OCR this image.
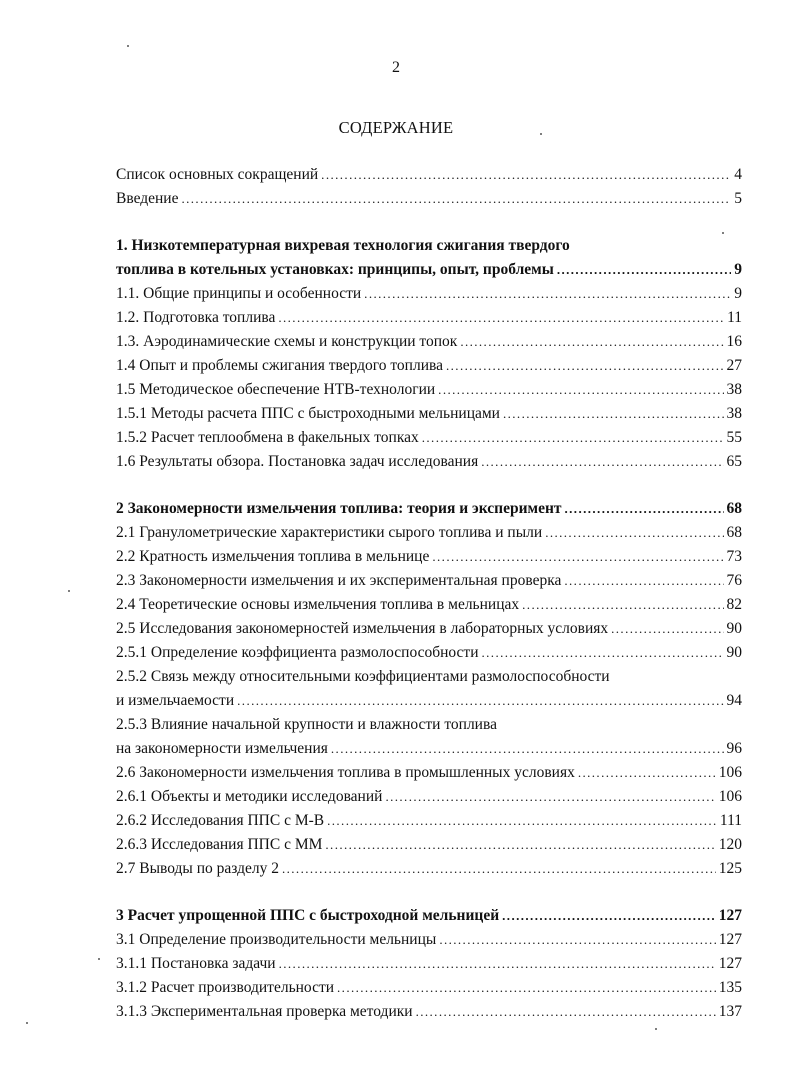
2
СОДЕРЖАНИЕ
Список основных сокращений .....	4
Введение .....	5
1. Низкотемпературная вихревая технология сжигания твердого
топлива в котельных установках: принципы, опыт, проблемы .....	9
1.1. Общие принципы и особенности .....	9
1.2. Подготовка топлива .....	11
1.3. Аэродинамические схемы и конструкции топок .....	16
1.4 Опыт и проблемы сжигания твердого топлива .....	27
1.5 Методическое обеспечение НТВ-технологии .....	38
1.5.1 Методы расчета ППС с быстроходными мельницами .....	38
1.5.2 Расчет теплообмена в факельных топках .....	55
1.6 Результаты обзора. Постановка задач исследования .....	65
2 Закономерности измельчения топлива: теория и эксперимент .....	68
2.1 Гранулометрические характеристики сырого топлива и пыли .....	68
2.2 Кратность измельчения топлива в мельнице .....	73
2.3 Закономерности измельчения и их экспериментальная проверка .....	76
2.4 Теоретические основы измельчения топлива в мельницах .....	82
2.5 Исследования закономерностей измельчения в лабораторных условиях .....	90
2.5.1 Определение коэффициента размолоспособности .....	90
2.5.2 Связь между относительными коэффициентами размолоспособности
и измельчаемости .....	94
2.5.3 Влияние начальной крупности и влажности топлива
на закономерности измельчения .....	96
2.6 Закономерности измельчения топлива в промышленных условиях .....	106
2.6.1 Объекты и методики исследований .....	106
2.6.2 Исследования ППС с М-В .....	111
2.6.3 Исследования ППС с ММ .....	120
2.7 Выводы по разделу 2 .....	125
3 Расчет упрощенной ППС с быстроходной мельницей .....	127
3.1 Определение производительности мельницы .....	127
3.1.1 Постановка задачи .....	127
3.1.2 Расчет производительности .....	135
3.1.3 Экспериментальная проверка методики .....	137
